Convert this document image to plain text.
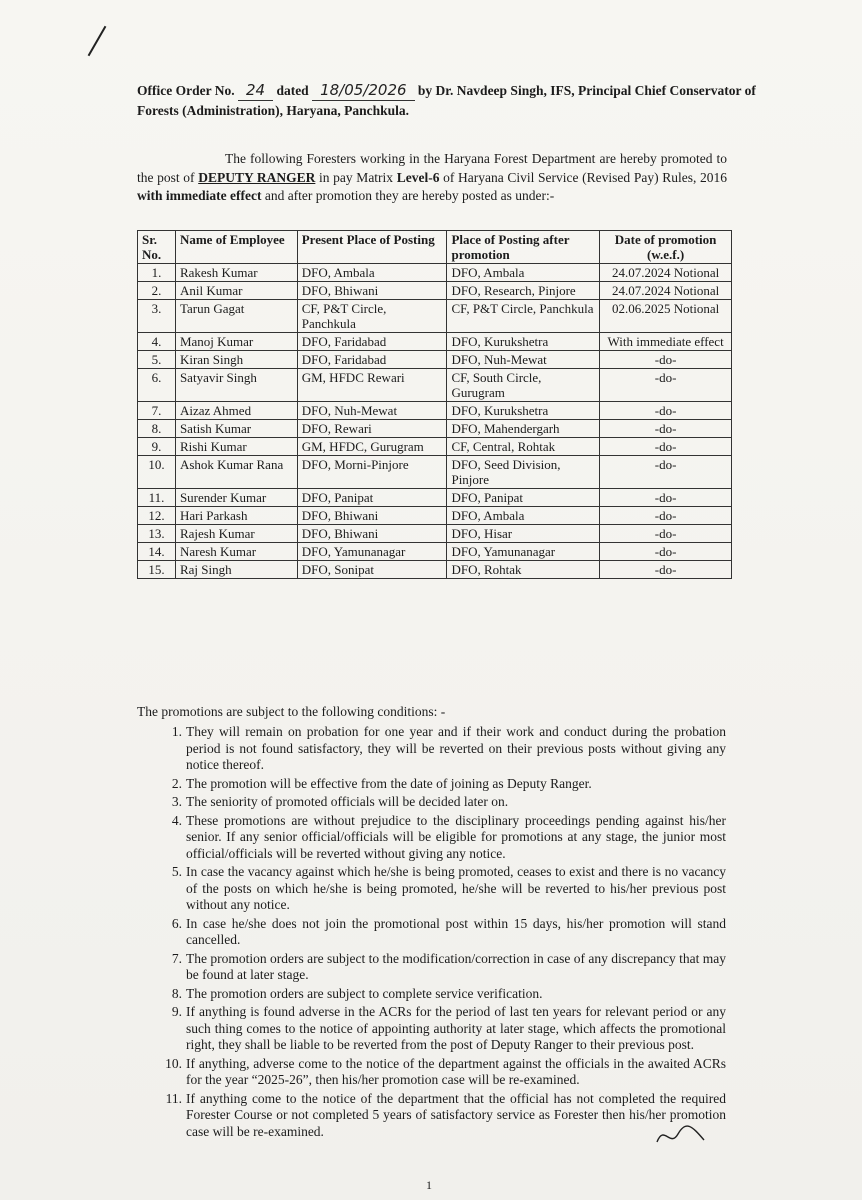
Office Order No. 24 dated 18/05/2026 by Dr. Navdeep Singh, IFS, Principal Chief Conservator of Forests (Administration), Haryana, Panchkula.
The following Foresters working in the Haryana Forest Department are hereby promoted to the post of DEPUTY RANGER in pay Matrix Level-6 of Haryana Civil Service (Revised Pay) Rules, 2016 with immediate effect and after promotion they are hereby posted as under:-
Sr. No.	Name of Employee	Present Place of Posting	Place of Posting after promotion	Date of promotion (w.e.f.)
1.	Rakesh Kumar	DFO, Ambala	DFO, Ambala	24.07.2024 Notional
2.	Anil Kumar	DFO, Bhiwani	DFO, Research, Pinjore	24.07.2024 Notional
3.	Tarun Gagat	CF, P&T Circle, Panchkula	CF, P&T Circle, Panchkula	02.06.2025 Notional
4.	Manoj Kumar	DFO, Faridabad	DFO, Kurukshetra	With immediate effect
5.	Kiran Singh	DFO, Faridabad	DFO, Nuh-Mewat	-do-
6.	Satyavir Singh	GM, HFDC Rewari	CF, South Circle, Gurugram	-do-
7.	Aizaz Ahmed	DFO, Nuh-Mewat	DFO, Kurukshetra	-do-
8.	Satish Kumar	DFO, Rewari	DFO, Mahendergarh	-do-
9.	Rishi Kumar	GM, HFDC, Gurugram	CF, Central, Rohtak	-do-
10.	Ashok Kumar Rana	DFO, Morni-Pinjore	DFO, Seed Division, Pinjore	-do-
11.	Surender Kumar	DFO, Panipat	DFO, Panipat	-do-
12.	Hari Parkash	DFO, Bhiwani	DFO, Ambala	-do-
13.	Rajesh Kumar	DFO, Bhiwani	DFO, Hisar	-do-
14.	Naresh Kumar	DFO, Yamunanagar	DFO, Yamunanagar	-do-
15.	Raj Singh	DFO, Sonipat	DFO, Rohtak	-do-
The promotions are subject to the following conditions: -
1. They will remain on probation for one year and if their work and conduct during the probation period is not found satisfactory, they will be reverted on their previous posts without giving any notice thereof.
2. The promotion will be effective from the date of joining as Deputy Ranger.
3. The seniority of promoted officials will be decided later on.
4. These promotions are without prejudice to the disciplinary proceedings pending against his/her senior. If any senior official/officials will be eligible for promotions at any stage, the junior most official/officials will be reverted without giving any notice.
5. In case the vacancy against which he/she is being promoted, ceases to exist and there is no vacancy of the posts on which he/she is being promoted, he/she will be reverted to his/her previous post without any notice.
6. In case he/she does not join the promotional post within 15 days, his/her promotion will stand cancelled.
7. The promotion orders are subject to the modification/correction in case of any discrepancy that may be found at later stage.
8. The promotion orders are subject to complete service verification.
9. If anything is found adverse in the ACRs for the period of last ten years for relevant period or any such thing comes to the notice of appointing authority at later stage, which affects the promotional right, they shall be liable to be reverted from the post of Deputy Ranger to their previous post.
10. If anything, adverse come to the notice of the department against the officials in the awaited ACRs for the year “2025-26”, then his/her promotion case will be re-examined.
11. If anything come to the notice of the department that the official has not completed the required Forester Course or not completed 5 years of satisfactory service as Forester then his/her promotion case will be re-examined.
1
